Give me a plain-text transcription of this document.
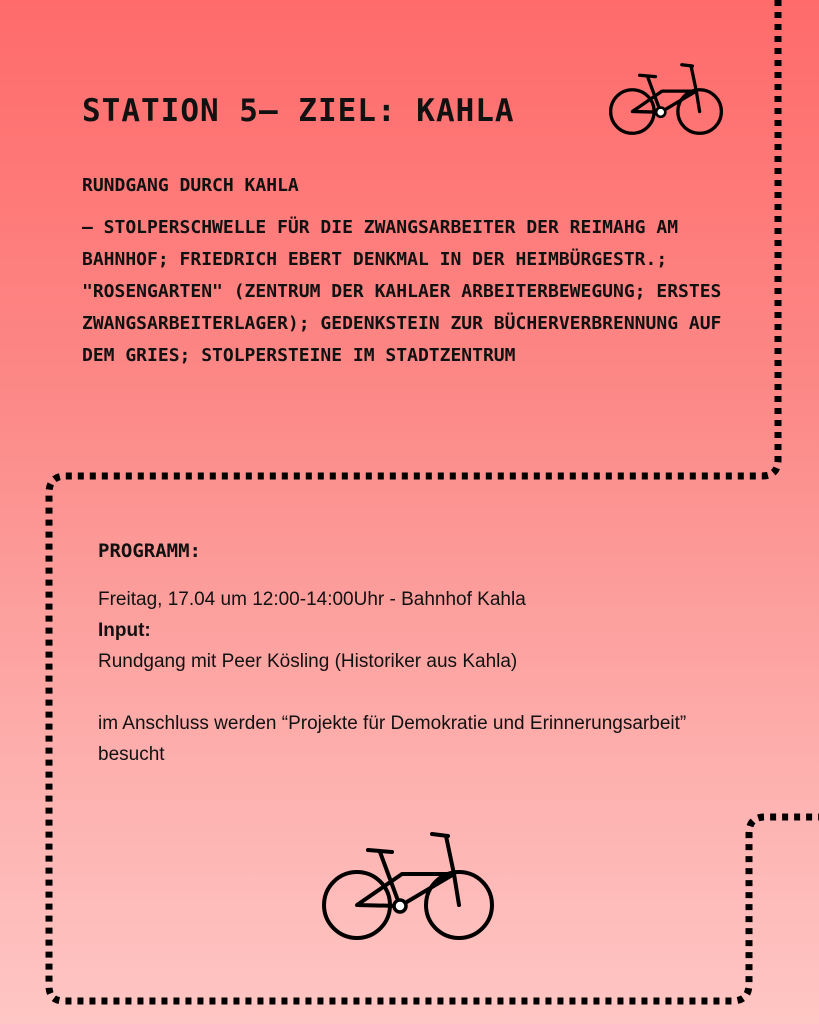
STATION 5– ZIEL: KAHLA
RUNDGANG DURCH KAHLA

– STOLPERSCHWELLE FÜR DIE ZWANGSARBEITER DER REIMAHG AM BAHNHOF; FRIEDRICH EBERT DENKMAL IN DER HEIMBÜRGESTR.; "ROSENGARTEN" (ZENTRUM DER KAHLAER ARBEITERBEWEGUNG; ERSTES ZWANGSARBEITERLAGER); GEDENKSTEIN ZUR BÜCHERVERBRENNUNG AUF DEM GRIES; STOLPERSTEINE IM STADTZENTRUM

PROGRAMM:

Freitag, 17.04 um 12:00-14:00Uhr - Bahnhof Kahla

Input:

Rundgang mit Peer Kösling (Historiker aus Kahla)

im Anschluss werden “Projekte für Demokratie und Erinnerungsarbeit” besucht
